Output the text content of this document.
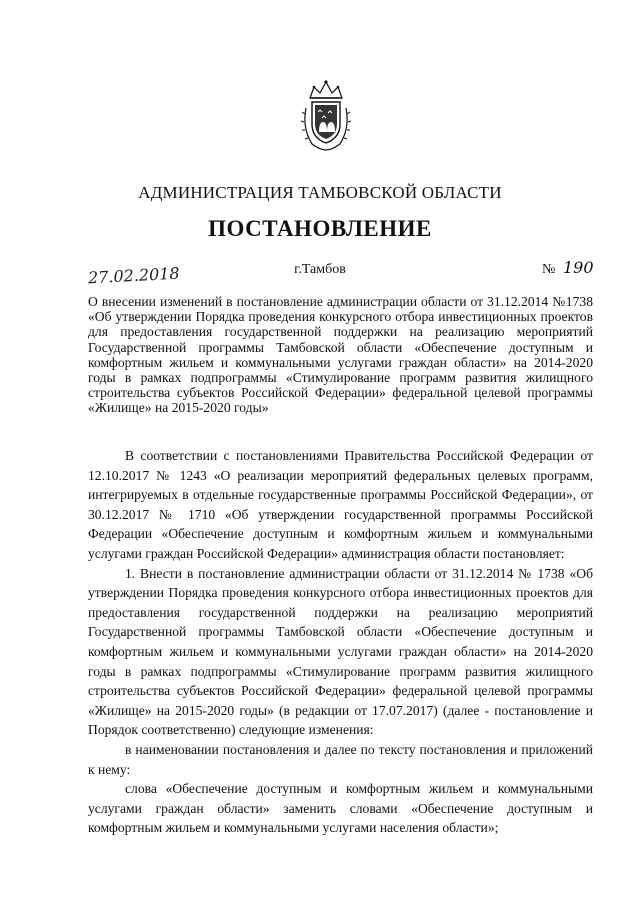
АДМИНИСТРАЦИЯ ТАМБОВСКОЙ ОБЛАСТИ
ПОСТАНОВЛЕНИЕ
27.02.2018	г.Тамбов	№ 190
О внесении изменений в постановление администрации области от 31.12.2014 №1738 «Об утверждении Порядка проведения конкурсного отбора инвестиционных проектов для предоставления государственной поддержки на реализацию мероприятий Государственной программы Тамбовской области «Обеспечение доступным и комфортным жильем и коммунальными услугами граждан области» на 2014-2020 годы в рамках подпрограммы «Стимулирование программ развития жилищного строительства субъектов Российской Федерации» федеральной целевой программы «Жилище» на 2015-2020 годы»

В соответствии с постановлениями Правительства Российской Федерации от 12.10.2017 № 1243 «О реализации мероприятий федеральных целевых программ, интегрируемых в отдельные государственные программы Российской Федерации», от 30.12.2017 № 1710 «Об утверждении государственной программы Российской Федерации «Обеспечение доступным и комфортным жильем и коммунальными услугами граждан Российской Федерации» администрация области постановляет:

1. Внести в постановление администрации области от 31.12.2014 № 1738 «Об утверждении Порядка проведения конкурсного отбора инвестиционных проектов для предоставления государственной поддержки на реализацию мероприятий Государственной программы Тамбовской области «Обеспечение доступным и комфортным жильем и коммунальными услугами граждан области» на 2014-2020 годы в рамках подпрограммы «Стимулирование программ развития жилищного строительства субъектов Российской Федерации» федеральной целевой программы «Жилище» на 2015-2020 годы» (в редакции от 17.07.2017) (далее - постановление и Порядок соответственно) следующие изменения:

в наименовании постановления и далее по тексту постановления и приложений к нему:

слова «Обеспечение доступным и комфортным жильем и коммунальными услугами граждан области» заменить словами «Обеспечение доступным и комфортным жильем и коммунальными услугами населения области»;
